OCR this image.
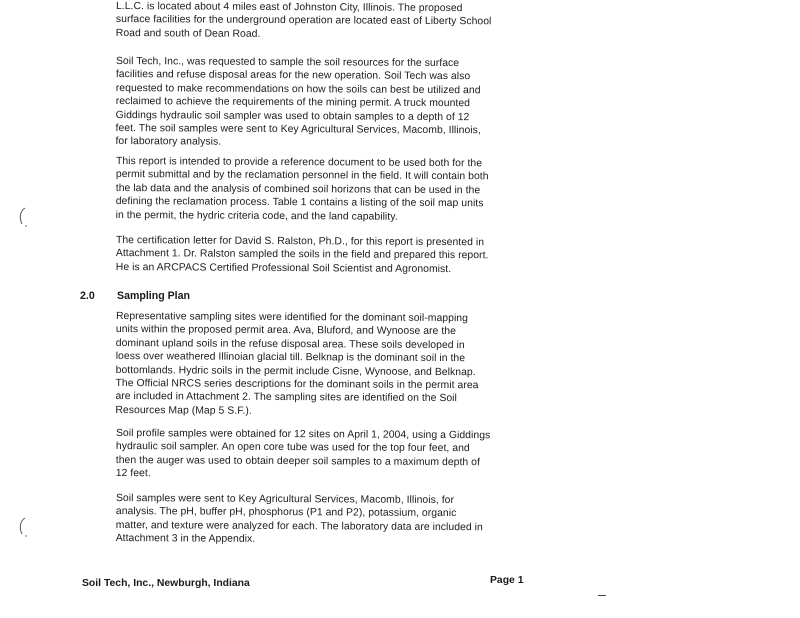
L.L.C. is located about 4 miles east of Johnston City, Illinois. The proposed
surface facilities for the underground operation are located east of Liberty School
Road and south of Dean Road.
Soil Tech, Inc., was requested to sample the soil resources for the surface
facilities and refuse disposal areas for the new operation. Soil Tech was also
requested to make recommendations on how the soils can best be utilized and
reclaimed to achieve the requirements of the mining permit. A truck mounted
Giddings hydraulic soil sampler was used to obtain samples to a depth of 12
feet. The soil samples were sent to Key Agricultural Services, Macomb, Illinois,
for laboratory analysis.
This report is intended to provide a reference document to be used both for the
permit submittal and by the reclamation personnel in the field. It will contain both
the lab data and the analysis of combined soil horizons that can be used in the
defining the reclamation process. Table 1 contains a listing of the soil map units
in the permit, the hydric criteria code, and the land capability.
The certification letter for David S. Ralston, Ph.D., for this report is presented in
Attachment 1. Dr. Ralston sampled the soils in the field and prepared this report.
He is an ARCPACS Certified Professional Soil Scientist and Agronomist.
2.0 Sampling Plan
Representative sampling sites were identified for the dominant soil-mapping
units within the proposed permit area. Ava, Bluford, and Wynoose are the
dominant upland soils in the refuse disposal area. These soils developed in
loess over weathered Illinoian glacial till. Belknap is the dominant soil in the
bottomlands. Hydric soils in the permit include Cisne, Wynoose, and Belknap.
The Official NRCS series descriptions for the dominant soils in the permit area
are included in Attachment 2. The sampling sites are identified on the Soil
Resources Map (Map 5 S.F.).
Soil profile samples were obtained for 12 sites on April 1, 2004, using a Giddings
hydraulic soil sampler. An open core tube was used for the top four feet, and
then the auger was used to obtain deeper soil samples to a maximum depth of
12 feet.
Soil samples were sent to Key Agricultural Services, Macomb, Illinois, for
analysis. The pH, buffer pH, phosphorus (P1 and P2), potassium, organic
matter, and texture were analyzed for each. The laboratory data are included in
Attachment 3 in the Appendix.
Soil Tech, Inc., Newburgh, Indiana	Page 1
